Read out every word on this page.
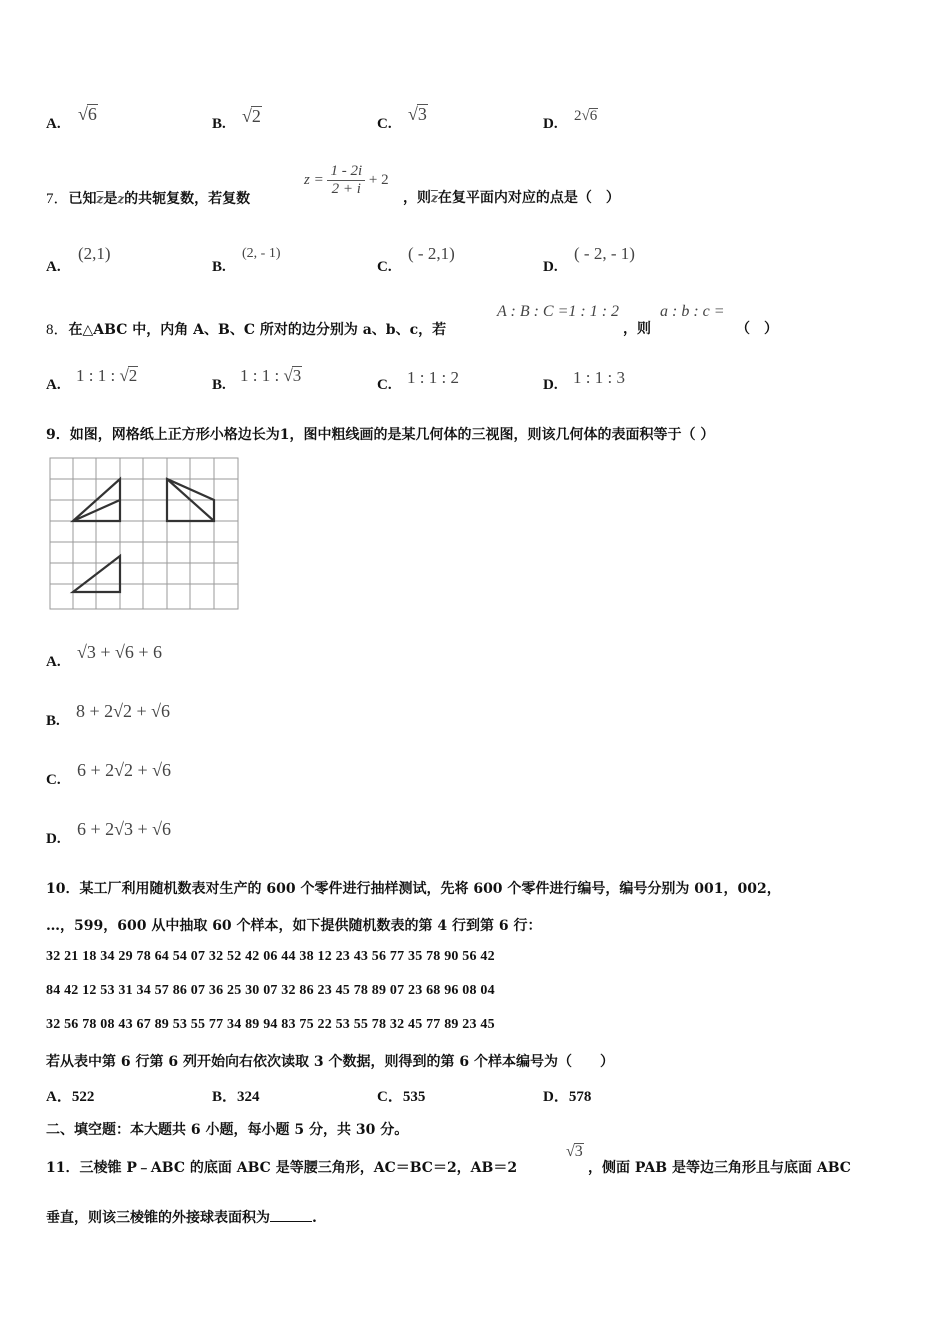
A. √6	B. √2	C. √3	D. 2√6
7．已知$\overline{z}$是z的共轭复数，若复数
$z = \frac{1 - 2i}{2 + i} + 2$
，则$\overline{z}$在复平面内对应的点是（　）
A.
(2,1)
B.
(2, - 1)
C.
( - 2,1)
D.
( - 2, - 1)
8．在△ABC 中，内角 A、B、C 所对的边分别为 a、b、c，若
A : B : C =1 : 1 : 2
，则
a : b : c =
（　）
A. 1 : 1 : √2	B. 1 : 1 : √3	C. 1 : 1 : 2	D. 1 : 1 : 3
9．如图，网格纸上正方形小格边长为1，图中粗线画的是某几何体的三视图，则该几何体的表面积等于（ ）
A. √3 + √6 + 6
B. 8 + 2√2 + √6
C. 6 + 2√2 + √6
D. 6 + 2√3 + √6
10．某工厂利用随机数表对生产的 600 个零件进行抽样测试，先将 600 个零件进行编号，编号分别为 001，002，
…，599，600 从中抽取 60 个样本，如下提供随机数表的第 4 行到第 6 行：
32 21 18 34 29 78 64 54 07 32 52 42 06 44 38 12 23 43 56 77 35 78 90 56 42
84 42 12 53 31 34 57 86 07 36 25 30 07 32 86 23 45 78 89 07 23 68 96 08 04
32 56 78 08 43 67 89 53 55 77 34 89 94 83 75 22 53 55 78 32 45 77 89 23 45
若从表中第 6 行第 6 列开始向右依次读取 3 个数据，则得到的第 6 个样本编号为（　　）
A．522	B．324	C．535	D．578
二、填空题：本大题共 6 小题，每小题 5 分，共 30 分。
11．三棱锥 P﹣ABC 的底面 ABC 是等腰三角形，AC＝BC＝2，AB＝2
√3
，侧面 PAB 是等边三角形且与底面 ABC
垂直，则该三棱锥的外接球表面积为	.
